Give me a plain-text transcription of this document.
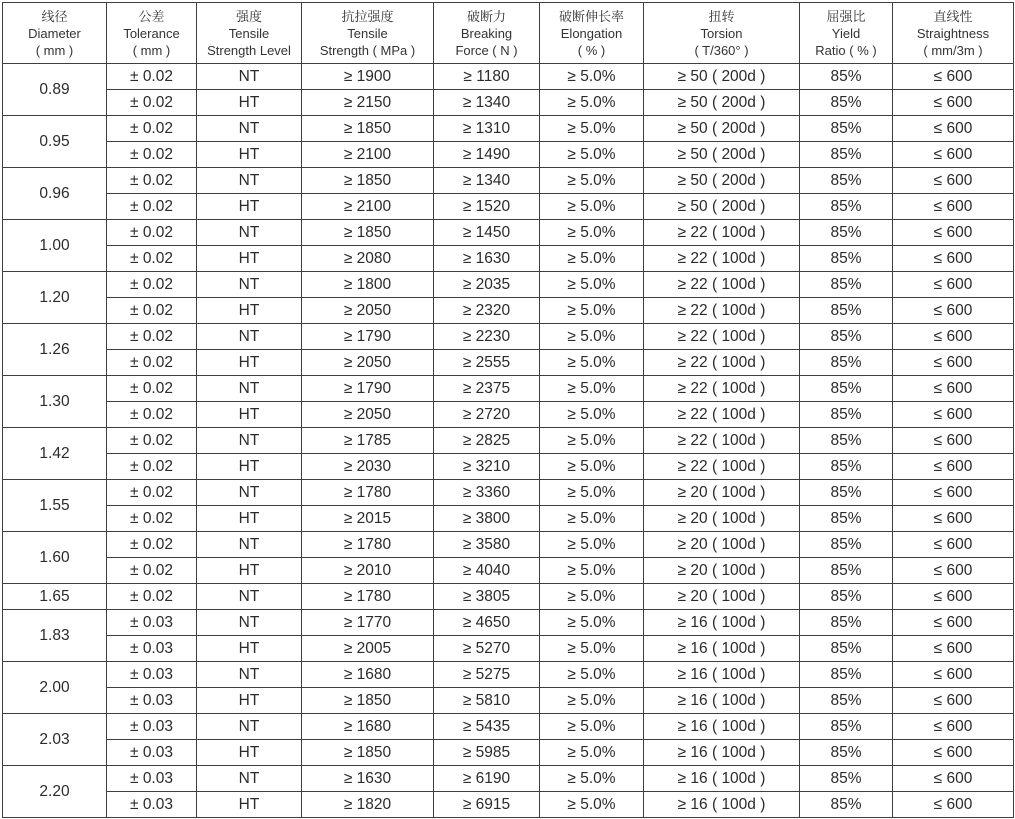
线径
Diameter
( mm )	公差
Tolerance
( mm )	强度
Tensile
Strength Level	抗拉强度
Tensile
Strength ( MPa )	破断力
Breaking
Force ( N )	破断伸长率
Elongation
( % )	扭转
Torsion
( T/360° )	屈强比
Yield
Ratio ( % )	直线性
Straightness
( mm/3m )

0.89	± 0.02	NT	≥ 1900	≥ 1180	≥ 5.0%	≥ 50 ( 200d )	85%	≤ 600
	± 0.02	HT	≥ 2150	≥ 1340	≥ 5.0%	≥ 50 ( 200d )	85%	≤ 600
0.95	± 0.02	NT	≥ 1850	≥ 1310	≥ 5.0%	≥ 50 ( 200d )	85%	≤ 600
	± 0.02	HT	≥ 2100	≥ 1490	≥ 5.0%	≥ 50 ( 200d )	85%	≤ 600
0.96	± 0.02	NT	≥ 1850	≥ 1340	≥ 5.0%	≥ 50 ( 200d )	85%	≤ 600
	± 0.02	HT	≥ 2100	≥ 1520	≥ 5.0%	≥ 50 ( 200d )	85%	≤ 600
1.00	± 0.02	NT	≥ 1850	≥ 1450	≥ 5.0%	≥ 22 ( 100d )	85%	≤ 600
	± 0.02	HT	≥ 2080	≥ 1630	≥ 5.0%	≥ 22 ( 100d )	85%	≤ 600
1.20	± 0.02	NT	≥ 1800	≥ 2035	≥ 5.0%	≥ 22 ( 100d )	85%	≤ 600
	± 0.02	HT	≥ 2050	≥ 2320	≥ 5.0%	≥ 22 ( 100d )	85%	≤ 600
1.26	± 0.02	NT	≥ 1790	≥ 2230	≥ 5.0%	≥ 22 ( 100d )	85%	≤ 600
	± 0.02	HT	≥ 2050	≥ 2555	≥ 5.0%	≥ 22 ( 100d )	85%	≤ 600
1.30	± 0.02	NT	≥ 1790	≥ 2375	≥ 5.0%	≥ 22 ( 100d )	85%	≤ 600
	± 0.02	HT	≥ 2050	≥ 2720	≥ 5.0%	≥ 22 ( 100d )	85%	≤ 600
1.42	± 0.02	NT	≥ 1785	≥ 2825	≥ 5.0%	≥ 22 ( 100d )	85%	≤ 600
	± 0.02	HT	≥ 2030	≥ 3210	≥ 5.0%	≥ 22 ( 100d )	85%	≤ 600
1.55	± 0.02	NT	≥ 1780	≥ 3360	≥ 5.0%	≥ 20 ( 100d )	85%	≤ 600
	± 0.02	HT	≥ 2015	≥ 3800	≥ 5.0%	≥ 20 ( 100d )	85%	≤ 600
1.60	± 0.02	NT	≥ 1780	≥ 3580	≥ 5.0%	≥ 20 ( 100d )	85%	≤ 600
	± 0.02	HT	≥ 2010	≥ 4040	≥ 5.0%	≥ 20 ( 100d )	85%	≤ 600
1.65	± 0.02	NT	≥ 1780	≥ 3805	≥ 5.0%	≥ 20 ( 100d )	85%	≤ 600
1.83	± 0.03	NT	≥ 1770	≥ 4650	≥ 5.0%	≥ 16 ( 100d )	85%	≤ 600
	± 0.03	HT	≥ 2005	≥ 5270	≥ 5.0%	≥ 16 ( 100d )	85%	≤ 600
2.00	± 0.03	NT	≥ 1680	≥ 5275	≥ 5.0%	≥ 16 ( 100d )	85%	≤ 600
	± 0.03	HT	≥ 1850	≥ 5810	≥ 5.0%	≥ 16 ( 100d )	85%	≤ 600
2.03	± 0.03	NT	≥ 1680	≥ 5435	≥ 5.0%	≥ 16 ( 100d )	85%	≤ 600
	± 0.03	HT	≥ 1850	≥ 5985	≥ 5.0%	≥ 16 ( 100d )	85%	≤ 600
2.20	± 0.03	NT	≥ 1630	≥ 6190	≥ 5.0%	≥ 16 ( 100d )	85%	≤ 600
	± 0.03	HT	≥ 1820	≥ 6915	≥ 5.0%	≥ 16 ( 100d )	85%	≤ 600
